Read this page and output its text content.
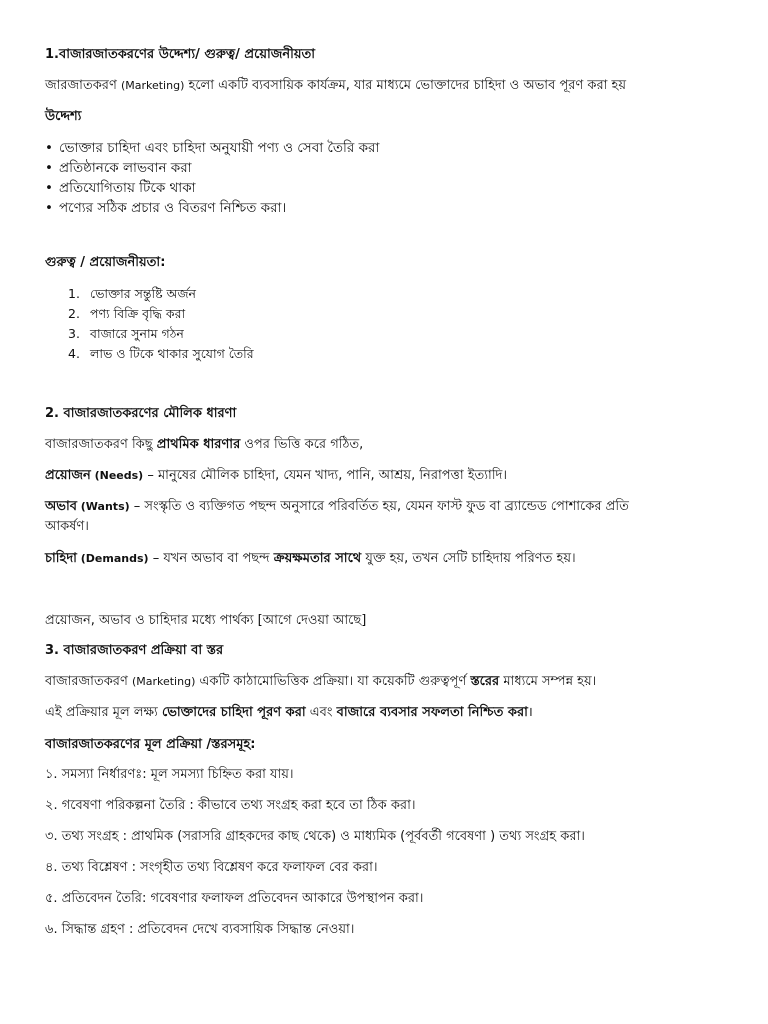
1.বাজারজাতকরণের উদ্দেশ্য/ গুরুত্ব/ প্রয়োজনীয়তা
জারজাতকরণ (Marketing) হলো একটি ব্যবসায়িক কার্যক্রম, যার মাধ্যমে ভোক্তাদের চাহিদা ও অভাব পূরণ করা হয়
উদ্দেশ্য
• ভোক্তার চাহিদা এবং চাহিদা অনুযায়ী পণ্য ও সেবা তৈরি করা
• প্রতিষ্ঠানকে লাভবান করা
• প্রতিযোগিতায় টিকে থাকা
• পণ্যের সঠিক প্রচার ও বিতরণ নিশ্চিত করা।
গুরুত্ব / প্রয়োজনীয়তা:
1. ভোক্তার সন্তুষ্টি অর্জন
2. পণ্য বিক্রি বৃদ্ধি করা
3. বাজারে সুনাম গঠন
4. লাভ ও টিকে থাকার সুযোগ তৈরি
2. বাজারজাতকরণের মৌলিক ধারণা
বাজারজাতকরণ কিছু প্রাথমিক ধারণার ওপর ভিত্তি করে গঠিত,
প্রয়োজন (Needs) – মানুষের মৌলিক চাহিদা, যেমন খাদ্য, পানি, আশ্রয়, নিরাপত্তা ইত্যাদি।
অভাব (Wants) – সংস্কৃতি ও ব্যক্তিগত পছন্দ অনুসারে পরিবর্তিত হয়, যেমন ফাস্ট ফুড বা ব্র্যান্ডেড পোশাকের প্রতি
আকর্ষণ।
চাহিদা (Demands) – যখন অভাব বা পছন্দ ক্রয়ক্ষমতার সাথে যুক্ত হয়, তখন সেটি চাহিদায় পরিণত হয়।
প্রয়োজন, অভাব ও চাহিদার মধ্যে পার্থক্য [আগে দেওয়া আছে]
3. বাজারজাতকরণ প্রক্রিয়া বা স্তর
বাজারজাতকরণ (Marketing) একটি কাঠামোভিত্তিক প্রক্রিয়া। যা কয়েকটি গুরুত্বপূর্ণ স্তরের মাধ্যমে সম্পন্ন হয়।
এই প্রক্রিয়ার মূল লক্ষ্য ভোক্তাদের চাহিদা পূরণ করা এবং বাজারে ব্যবসার সফলতা নিশ্চিত করা।
বাজারজাতকরণের মূল প্রক্রিয়া /স্তরসমূহ:
১. সমস্যা নির্ধারণঃ: মূল সমস্যা চিহ্নিত করা যায়।
২. গবেষণা পরিকল্পনা তৈরি : কীভাবে তথ্য সংগ্রহ করা হবে তা ঠিক করা।
৩. তথ্য সংগ্রহ : প্রাথমিক (সরাসরি গ্রাহকদের কাছ থেকে) ও মাধ্যমিক (পূর্ববর্তী গবেষণা ) তথ্য সংগ্রহ করা।
৪. তথ্য বিশ্লেষণ : সংগৃহীত তথ্য বিশ্লেষণ করে ফলাফল বের করা।
৫. প্রতিবেদন তৈরি: গবেষণার ফলাফল প্রতিবেদন আকারে উপস্থাপন করা।
৬. সিদ্ধান্ত গ্রহণ : প্রতিবেদন দেখে ব্যবসায়িক সিদ্ধান্ত নেওয়া।
